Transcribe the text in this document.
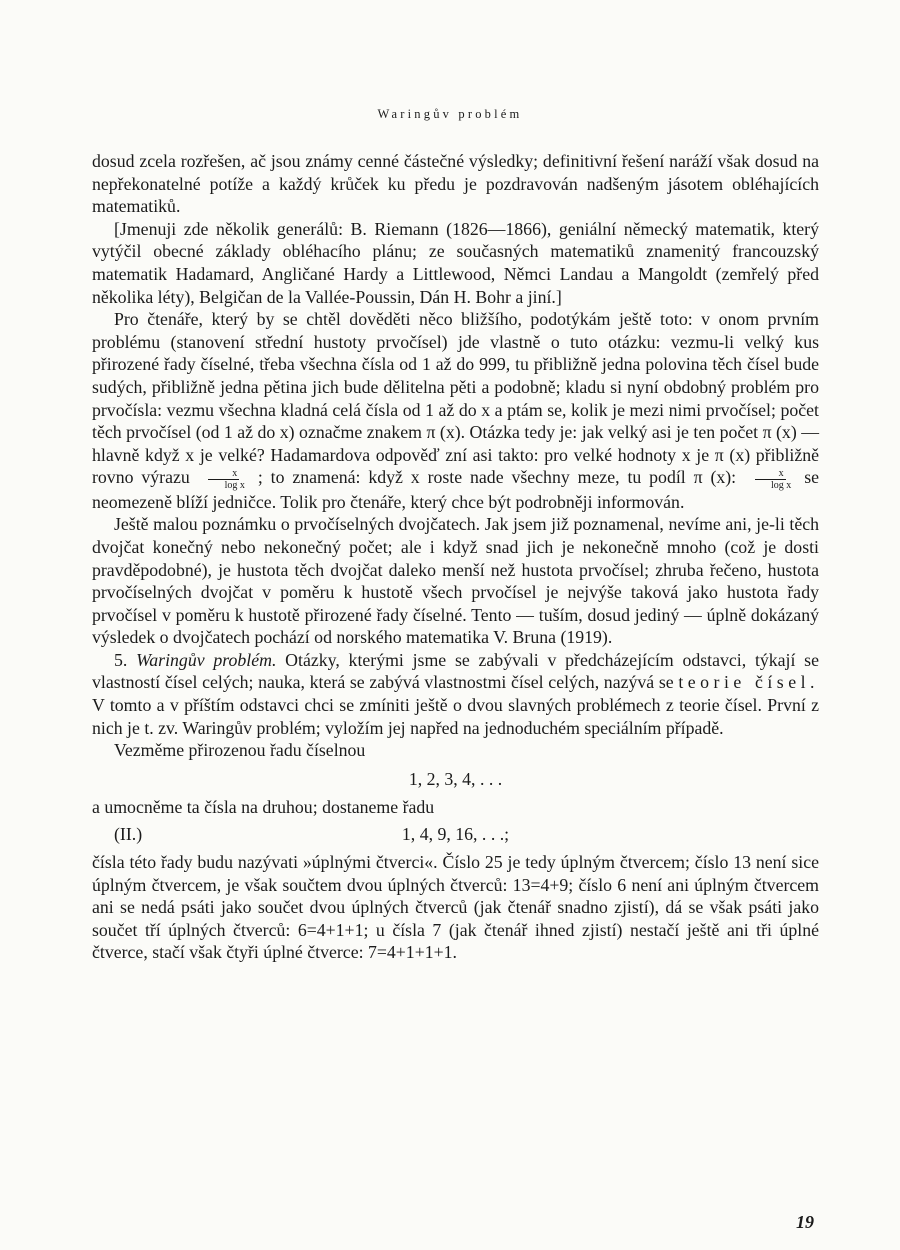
Waringův problém

dosud zcela rozřešen, ač jsou známy cenné částečné výsledky; definitivní řešení naráží však dosud na nepřekonatelné potíže a každý krůček ku předu je pozdravován nadšeným jásotem obléhajících matematiků.

[Jmenuji zde několik generálů: B. Riemann (1826—1866), geniální německý matematik, který vytýčil obecné základy obléhacího plánu; ze současných matematiků znamenitý francouzský matematik Hadamard, Angličané Hardy a Littlewood, Němci Landau a Mangoldt (zemřelý před několika léty), Belgičan de la Vallée-Poussin, Dán H. Bohr a jiní.]

Pro čtenáře, který by se chtěl dověděti něco bližšího, podotýkám ještě toto: v onom prvním problému (stanovení střední hustoty prvočísel) jde vlastně o tuto otázku: vezmu-li velký kus přirozené řady číselné, třeba všechna čísla od 1 až do 999, tu přibližně jedna polovina těch čísel bude sudých, přibližně jedna pětina jich bude dělitelna pěti a podobně; kladu si nyní obdobný problém pro prvočísla: vezmu všechna kladná celá čísla od 1 až do x a ptám se, kolik je mezi nimi prvočísel; počet těch prvočísel (od 1 až do x) označme znakem π (x). Otázka tedy je: jak velký asi je ten počet π (x) — hlavně když x je velké? Hadamardova odpověď zní asi takto: pro velké hodnoty x je π (x) přibližně rovno výrazu $\frac{x}{\text{log x}}$ ; to znamená: když x roste nade všechny meze, tu podíl π (x): $\frac{x}{\text{log x}}$ se neomezeně blíží jedničce. Tolik pro čtenáře, který chce být podrobněji informován.

Ještě malou poznámku o prvočíselných dvojčatech. Jak jsem již poznamenal, nevíme ani, je-li těch dvojčat konečný nebo nekonečný počet; ale i když snad jich je nekonečně mnoho (což je dosti pravděpodobné), je hustota těch dvojčat daleko menší než hustota prvočísel; zhruba řečeno, hustota prvočíselných dvojčat v poměru k hustotě všech prvočísel je nejvýše taková jako hustota řady prvočísel v poměru k hustotě přirozené řady číselné. Tento — tuším, dosud jediný — úplně dokázaný výsledek o dvojčatech pochází od norského matematika V. Bruna (1919).

5. Waringův problém. Otázky, kterými jsme se zabývali v předcházejícím odstavci, týkají se vlastností čísel celých; nauka, která se zabývá vlastnostmi čísel celých, nazývá se teorie čísel. V tomto a v příštím odstavci chci se zmíniti ještě o dvou slavných problémech z teorie čísel. První z nich je t. zv. Waringův problém; vyložím jej napřed na jednoduchém speciálním případě.

Vezměme přirozenou řadu číselnou

1, 2, 3, 4, . . .

a umocněme ta čísla na druhou; dostaneme řadu

(II.)	1, 4, 9, 16, . . .;

čísla této řady budu nazývati »úplnými čtverci«. Číslo 25 je tedy úplným čtvercem; číslo 13 není sice úplným čtvercem, je však součtem dvou úplných čtverců: 13=4+9; číslo 6 není ani úplným čtvercem ani se nedá psáti jako součet dvou úplných čtverců (jak čtenář snadno zjistí), dá se však psáti jako součet tří úplných čtverců: 6=4+1+1; u čísla 7 (jak čtenář ihned zjistí) nestačí ještě ani tři úplné čtverce, stačí však čtyři úplné čtverce: 7=4+1+1+1.

19
